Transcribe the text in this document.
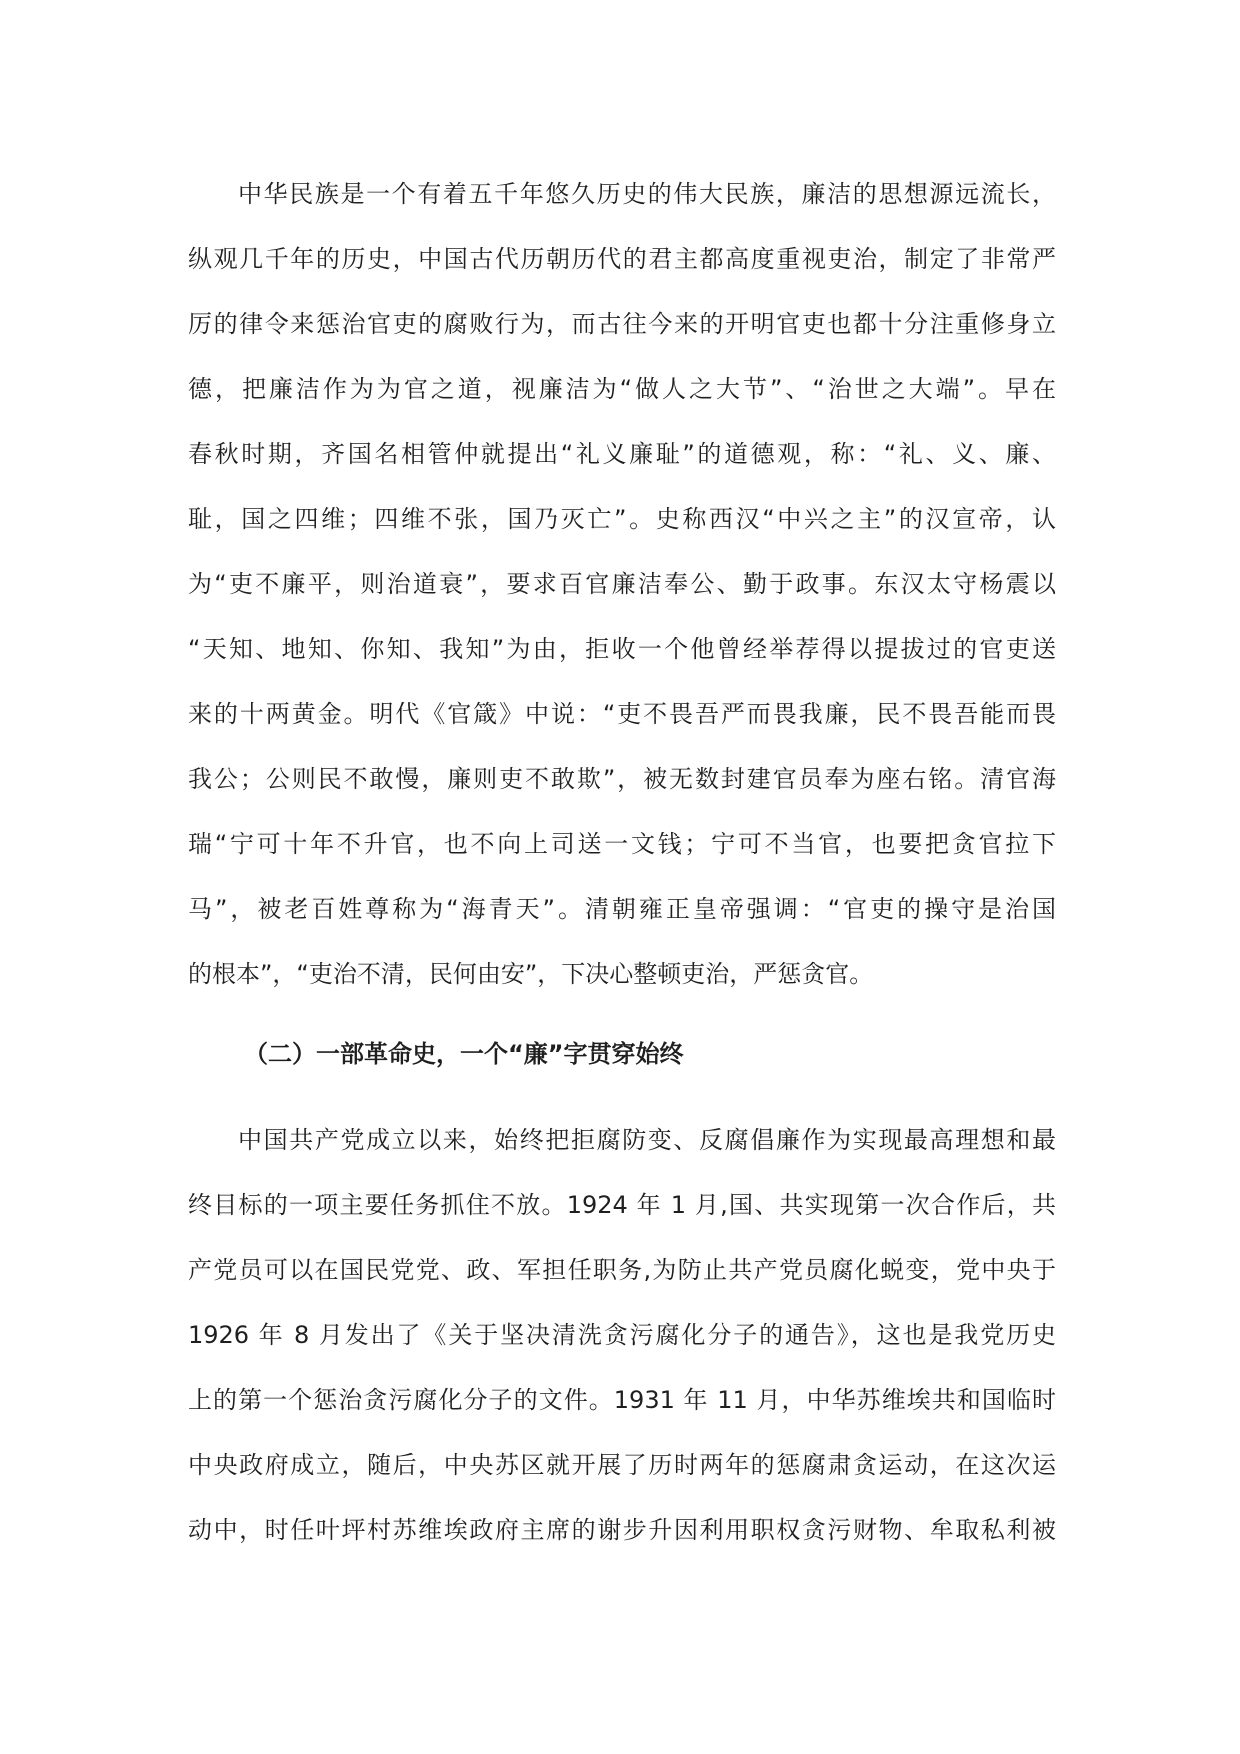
中华民族是一个有着五千年悠久历史的伟大民族，廉洁的思想源远流长，
纵观几千年的历史，中国古代历朝历代的君主都高度重视吏治，制定了非常严
厉的律令来惩治官吏的腐败行为，而古往今来的开明官吏也都十分注重修身立
德，把廉洁作为为官之道，视廉洁为“做人之大节”、“治世之大端”。早在
春秋时期，齐国名相管仲就提出“礼义廉耻”的道德观，称：“礼、义、廉、
耻，国之四维；四维不张，国乃灭亡”。史称西汉“中兴之主”的汉宣帝，认
为“吏不廉平，则治道衰”，要求百官廉洁奉公、勤于政事。东汉太守杨震以
“天知、地知、你知、我知”为由，拒收一个他曾经举荐得以提拔过的官吏送
来的十两黄金。明代《官箴》中说：“吏不畏吾严而畏我廉，民不畏吾能而畏
我公；公则民不敢慢，廉则吏不敢欺”，被无数封建官员奉为座右铭。清官海
瑞“宁可十年不升官，也不向上司送一文钱；宁可不当官，也要把贪官拉下
马”，被老百姓尊称为“海青天”。清朝雍正皇帝强调：“官吏的操守是治国
的根本”，“吏治不清，民何由安”，下决心整顿吏治，严惩贪官。
（二）一部革命史，一个“廉”字贯穿始终
中国共产党成立以来，始终把拒腐防变、反腐倡廉作为实现最高理想和最
终目标的一项主要任务抓住不放。1924 年 1 月,国、共实现第一次合作后，共
产党员可以在国民党党、政、军担任职务,为防止共产党员腐化蜕变，党中央于
1926 年 8 月发出了《关于坚决清洗贪污腐化分子的通告》，这也是我党历史
上的第一个惩治贪污腐化分子的文件。1931 年 11 月，中华苏维埃共和国临时
中央政府成立，随后，中央苏区就开展了历时两年的惩腐肃贪运动，在这次运
动中，时任叶坪村苏维埃政府主席的谢步升因利用职权贪污财物、牟取私利被
